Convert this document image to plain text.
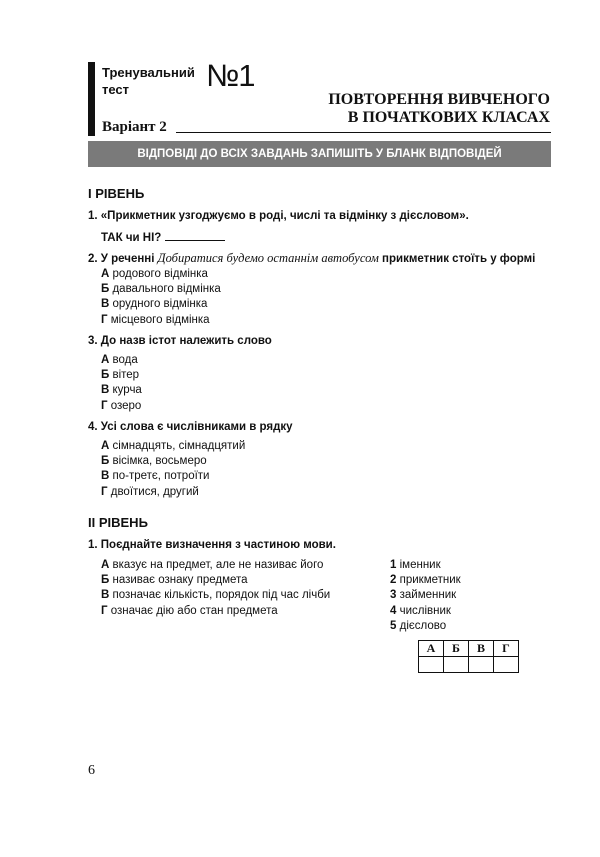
Тренувальний
тест	№1
Варіант 2
ПОВТОРЕННЯ ВИВЧЕНОГО
В ПОЧАТКОВИХ КЛАСАХ
ВІДПОВІДІ ДО ВСІХ ЗАВДАНЬ ЗАПИШІТЬ У БЛАНК ВІДПОВІДЕЙ
І РІВЕНЬ
1. «Прикметник узгоджуємо в роді, числі та відмінку з дієсловом».
ТАК чи НІ?
2. У реченні Добиратися будемо останнім автобусом прикметник стоїть у формі
А родового відмінка
Б давального відмінка
В орудного відмінка
Г місцевого відмінка
3. До назв істот належить слово
А вода
Б вітер
В курча
Г озеро
4. Усі слова є числівниками в рядку
А сімнадцять, сімнадцятий
Б вісімка, восьмеро
В по-третє, потроїти
Г двоїтися, другий
ІІ РІВЕНЬ
1. Поєднайте визначення з частиною мови.
А вказує на предмет, але не називає його
Б називає ознаку предмета
В позначає кількість, порядок під час лічби
Г означає дію або стан предмета
1 іменник
2 прикметник
3 займенник
4 числівник
5 дієслово
А	Б	В	Г

6
